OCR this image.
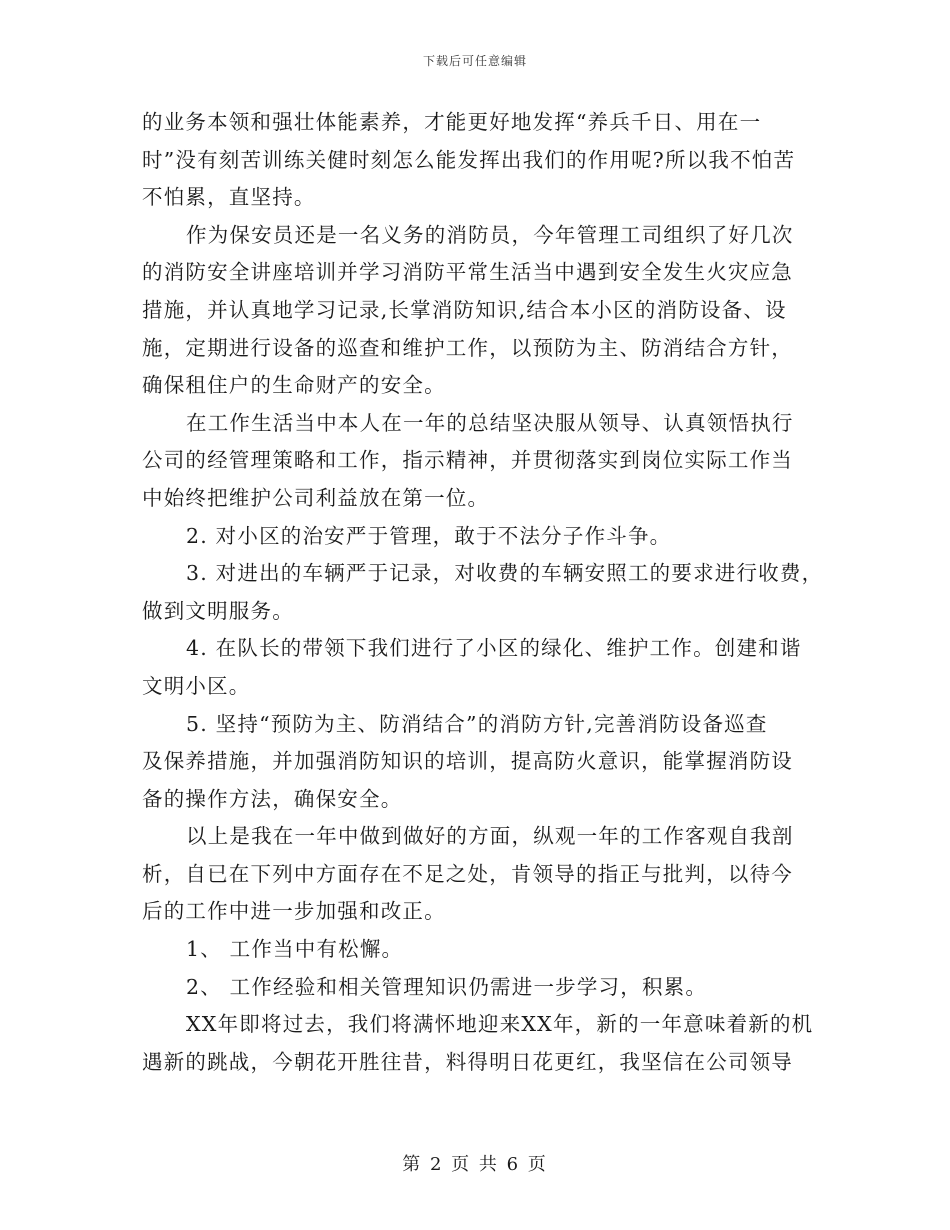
下载后可任意编辑
的业务本领和强壮体能素养，才能更好地发挥“养兵千日、用在一
时”没有刻苦训练关健时刻怎么能发挥出我们的作用呢?所以我不怕苦
不怕累，直坚持。
作为保安员还是一名义务的消防员，今年管理工司组织了好几次
的消防安全讲座培训并学习消防平常生活当中遇到安全发生火灾应急
措施，并认真地学习记录,长掌消防知识,结合本小区的消防设备、设
施，定期进行设备的巡查和维护工作，以预防为主、防消结合方针，
确保租住户的生命财产的安全。
在工作生活当中本人在一年的总结坚决服从领导、认真领悟执行
公司的经管理策略和工作，指示精神，并贯彻落实到岗位实际工作当
中始终把维护公司利益放在第一位。
2. 对小区的治安严于管理，敢于不法分子作斗争。
3. 对进出的车辆严于记录，对收费的车辆安照工的要求进行收费，
做到文明服务。
4. 在队长的带领下我们进行了小区的绿化、维护工作。创建和谐
文明小区。
5. 坚持“预防为主、防消结合”的消防方针,完善消防设备巡查
及保养措施，并加强消防知识的培训，提高防火意识，能掌握消防设
备的操作方法，确保安全。
以上是我在一年中做到做好的方面，纵观一年的工作客观自我剖
析，自已在下列中方面存在不足之处，肯领导的指正与批判，以待今
后的工作中进一步加强和改正。
1、 工作当中有松懈。
2、 工作经验和相关管理知识仍需进一步学习，积累。
XX年即将过去，我们将满怀地迎来XX年，新的一年意味着新的机
遇新的跳战，今朝花开胜往昔，料得明日花更红，我坚信在公司领导
第 2 页 共 6 页
